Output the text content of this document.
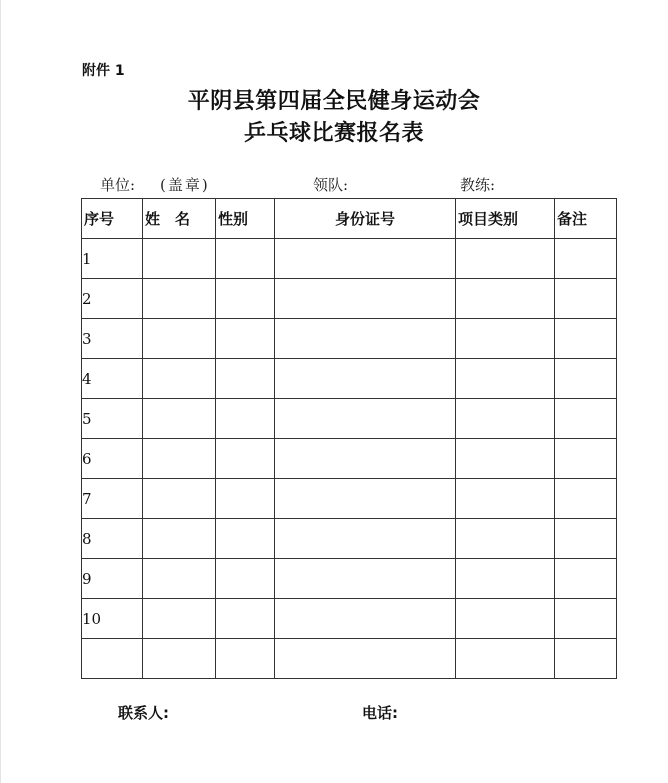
附件 1
平阴县第四届全民健身运动会
乒乓球比赛报名表
单位: (盖章)	领队:	教练:
序号	姓　名	性别	身份证号	项目类别	备注
1					
2					
3					
4					
5					
6					
7					
8					
9					
10					

联系人:	电话:
